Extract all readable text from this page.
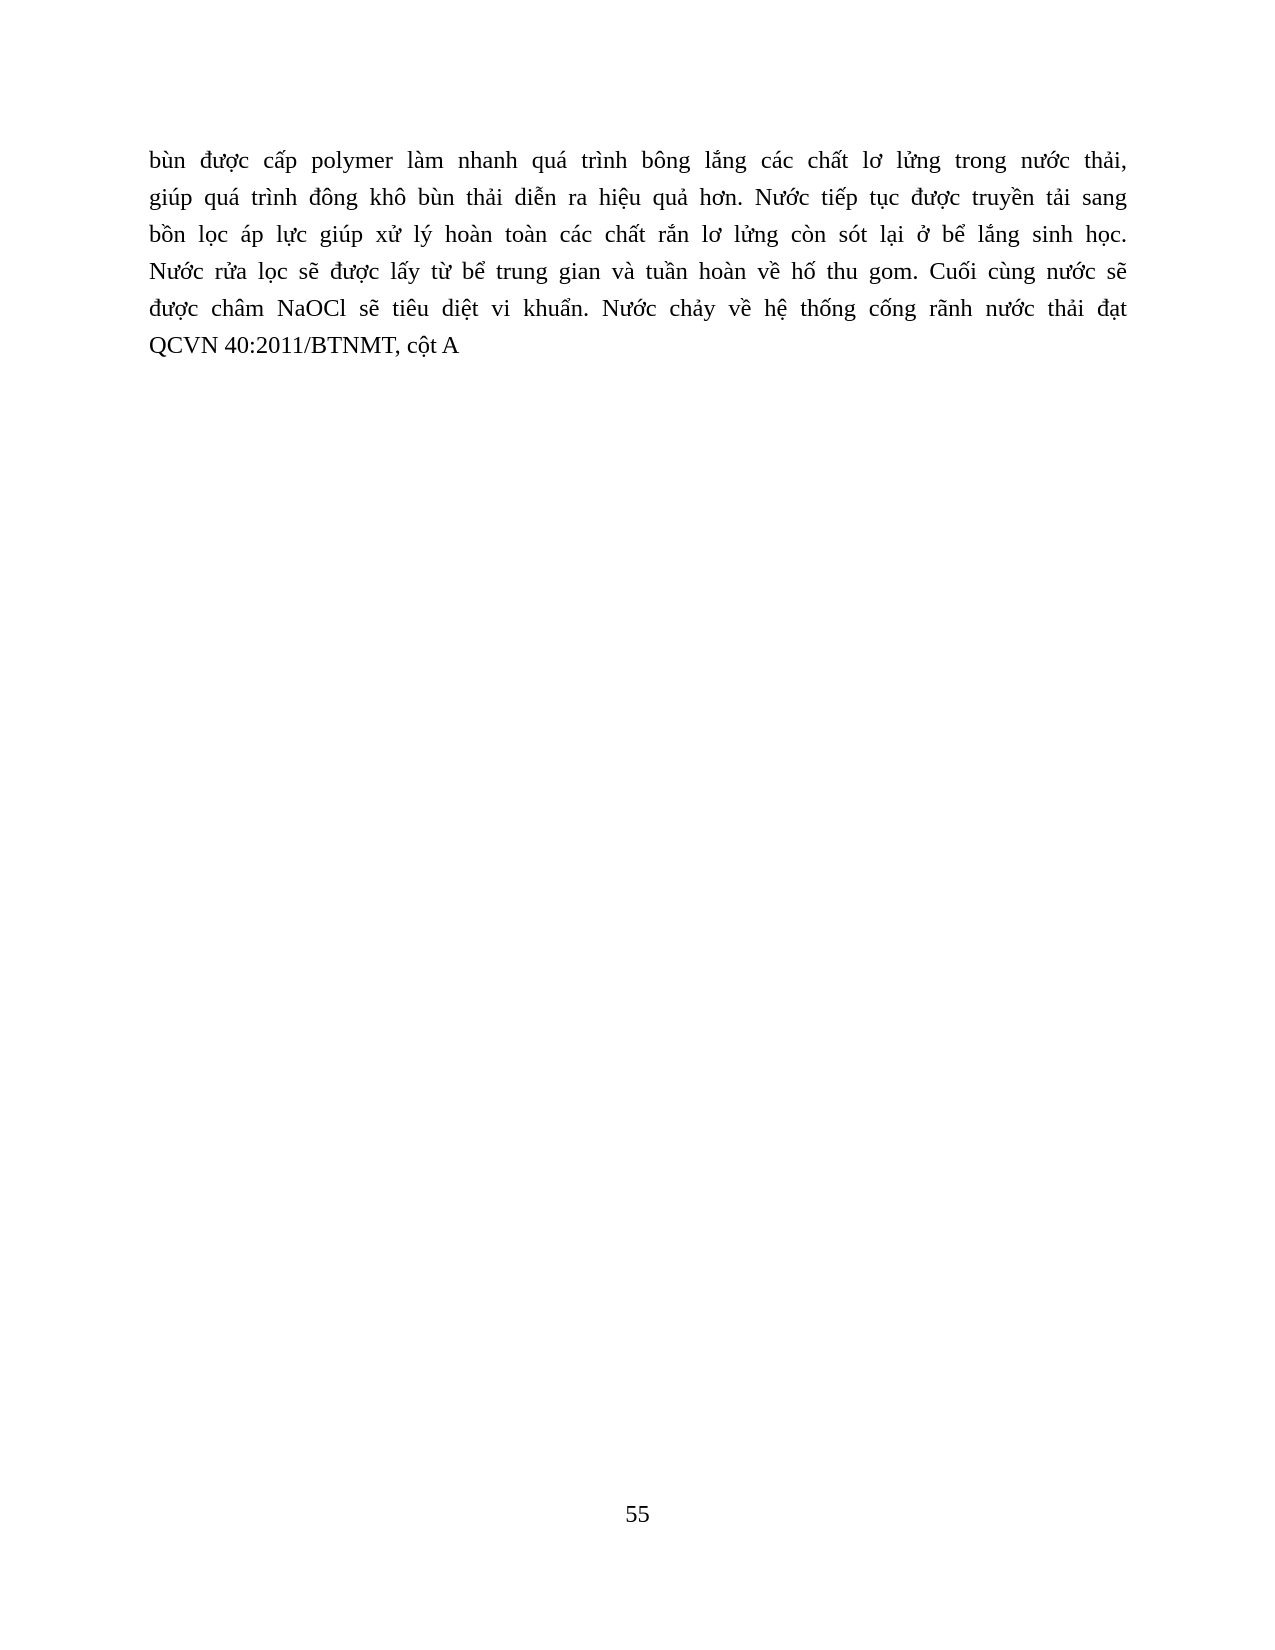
bùn được cấp polymer làm nhanh quá trình bông lắng các chất lơ lửng trong nước thải,
giúp quá trình đông khô bùn thải diễn ra hiệu quả hơn. Nước tiếp tục được truyền tải sang
bồn lọc áp lực giúp xử lý hoàn toàn các chất rắn lơ lửng còn sót lại ở bể lắng sinh học.
Nước rửa lọc sẽ được lấy từ bể trung gian và tuần hoàn về hố thu gom. Cuối cùng nước sẽ
được châm NaOCl sẽ tiêu diệt vi khuẩn. Nước chảy về hệ thống cống rãnh nước thải đạt
QCVN 40:2011/BTNMT, cột A
55
